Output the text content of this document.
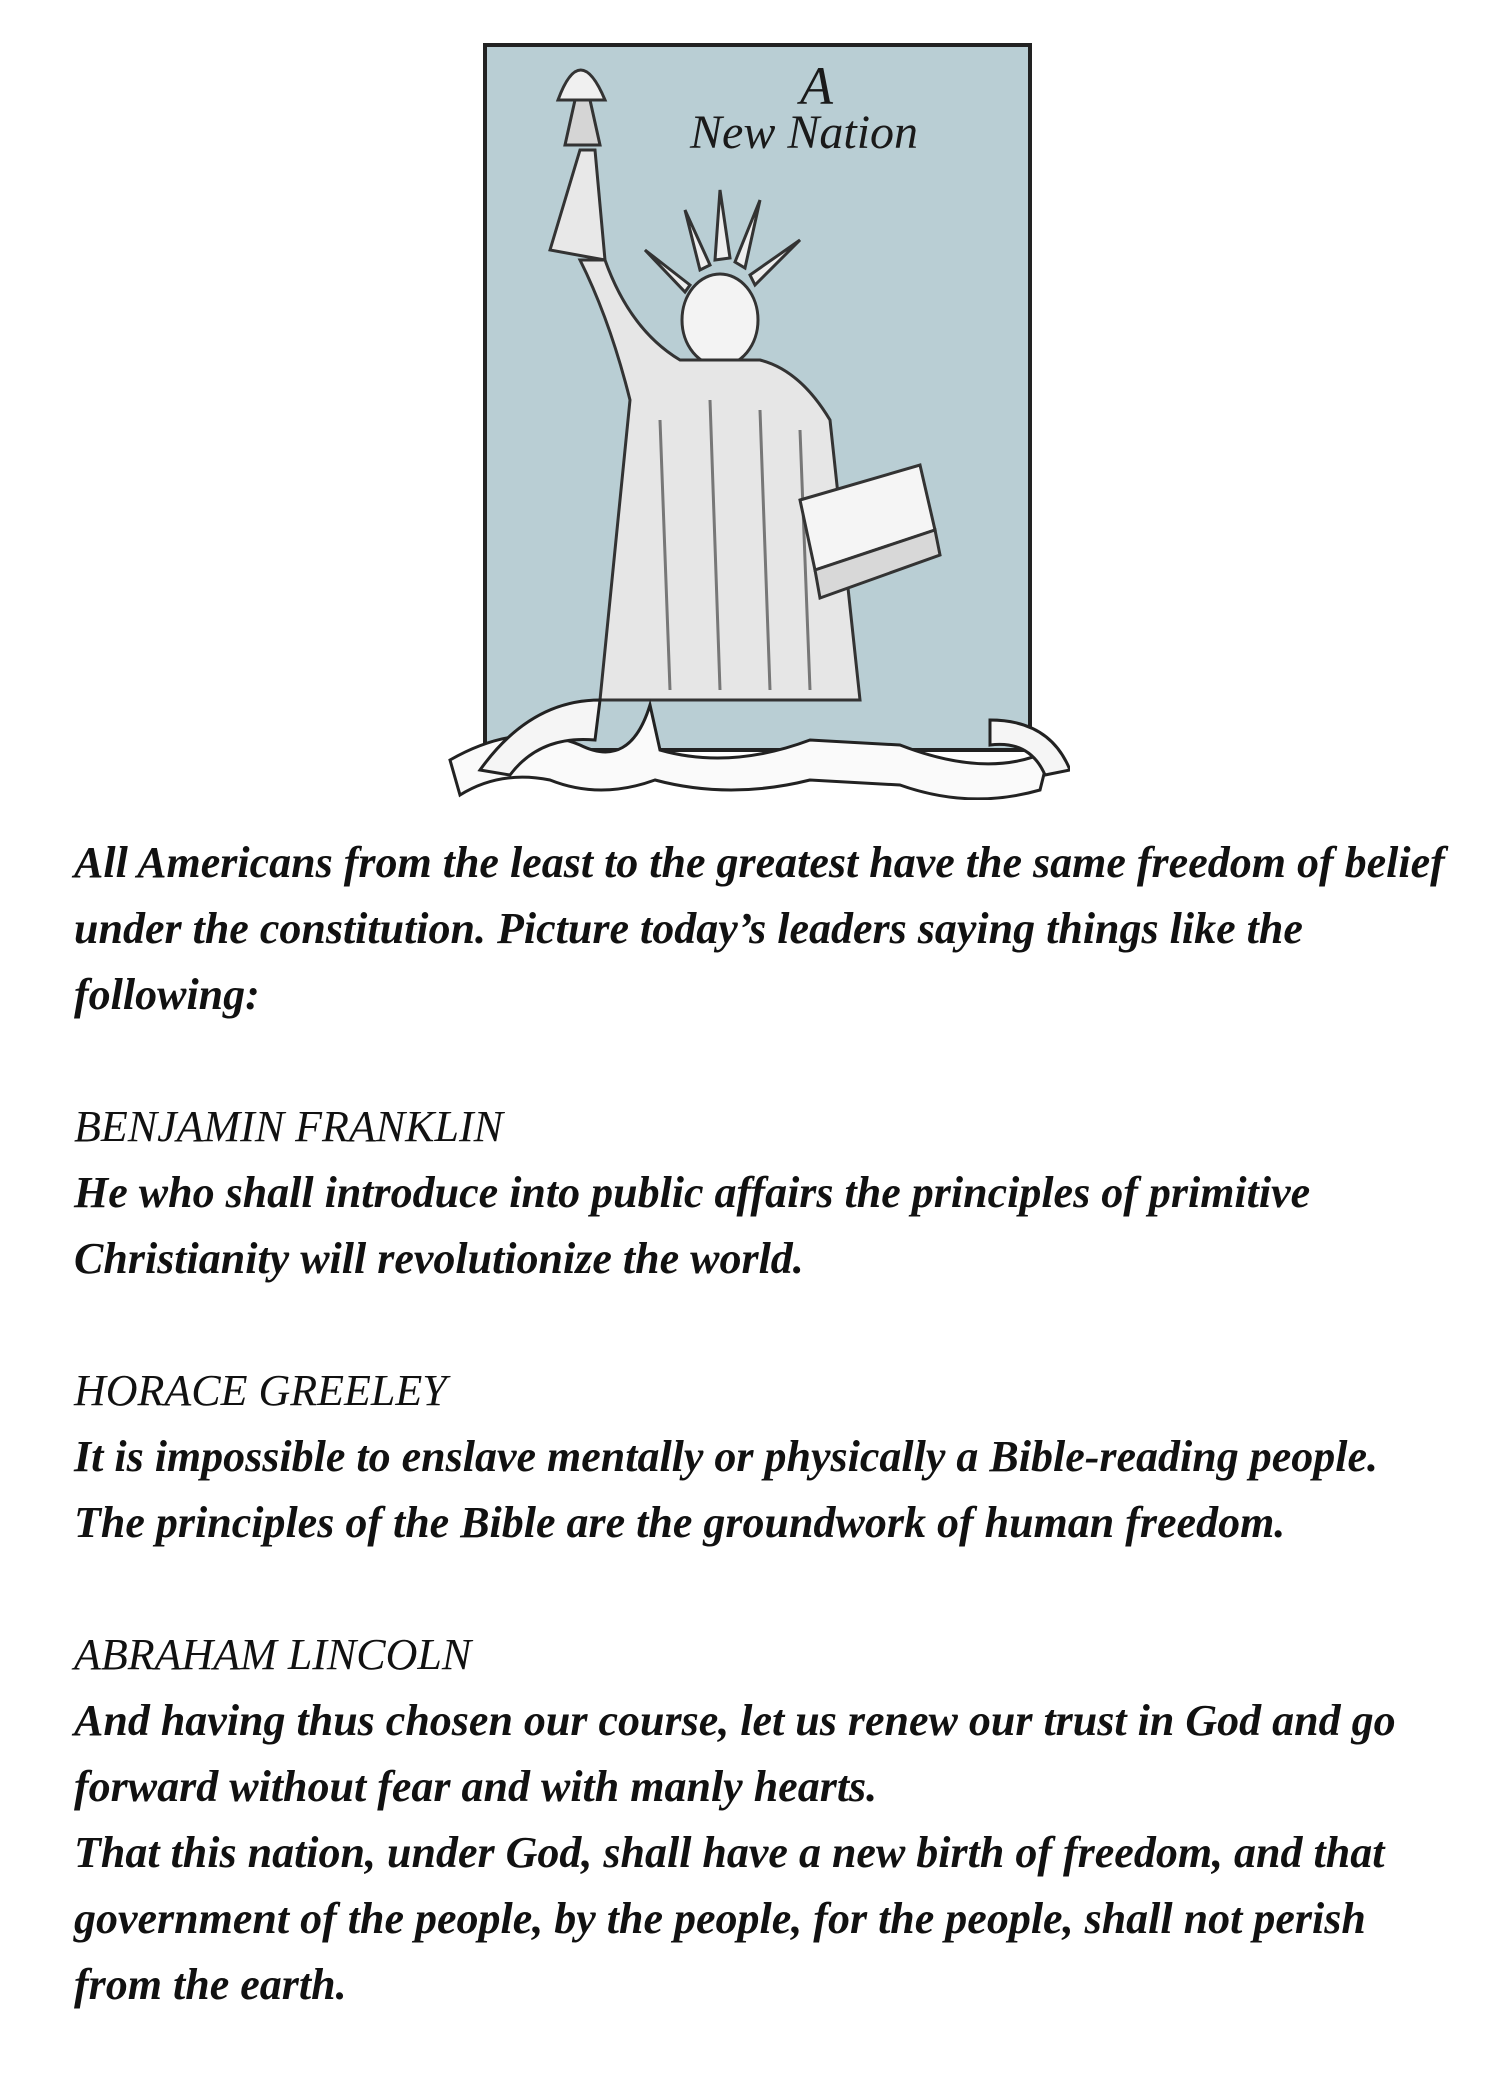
A
New Nation

All Americans from the least to the greatest have the same freedom of belief under the constitution. Picture today’s leaders saying things like the following:

BENJAMIN FRANKLIN
He who shall introduce into public affairs the principles of primitive Christianity will revolutionize the world.
HORACE GREELEY
It is impossible to enslave mentally or physically a Bible-reading people. The principles of the Bible are the groundwork of human freedom.
ABRAHAM LINCOLN
And having thus chosen our course, let us renew our trust in God and go forward without fear and with manly hearts.
That this nation, under God, shall have a new birth of freedom, and that government of the people, by the people, for the people, shall not perish from the earth.
